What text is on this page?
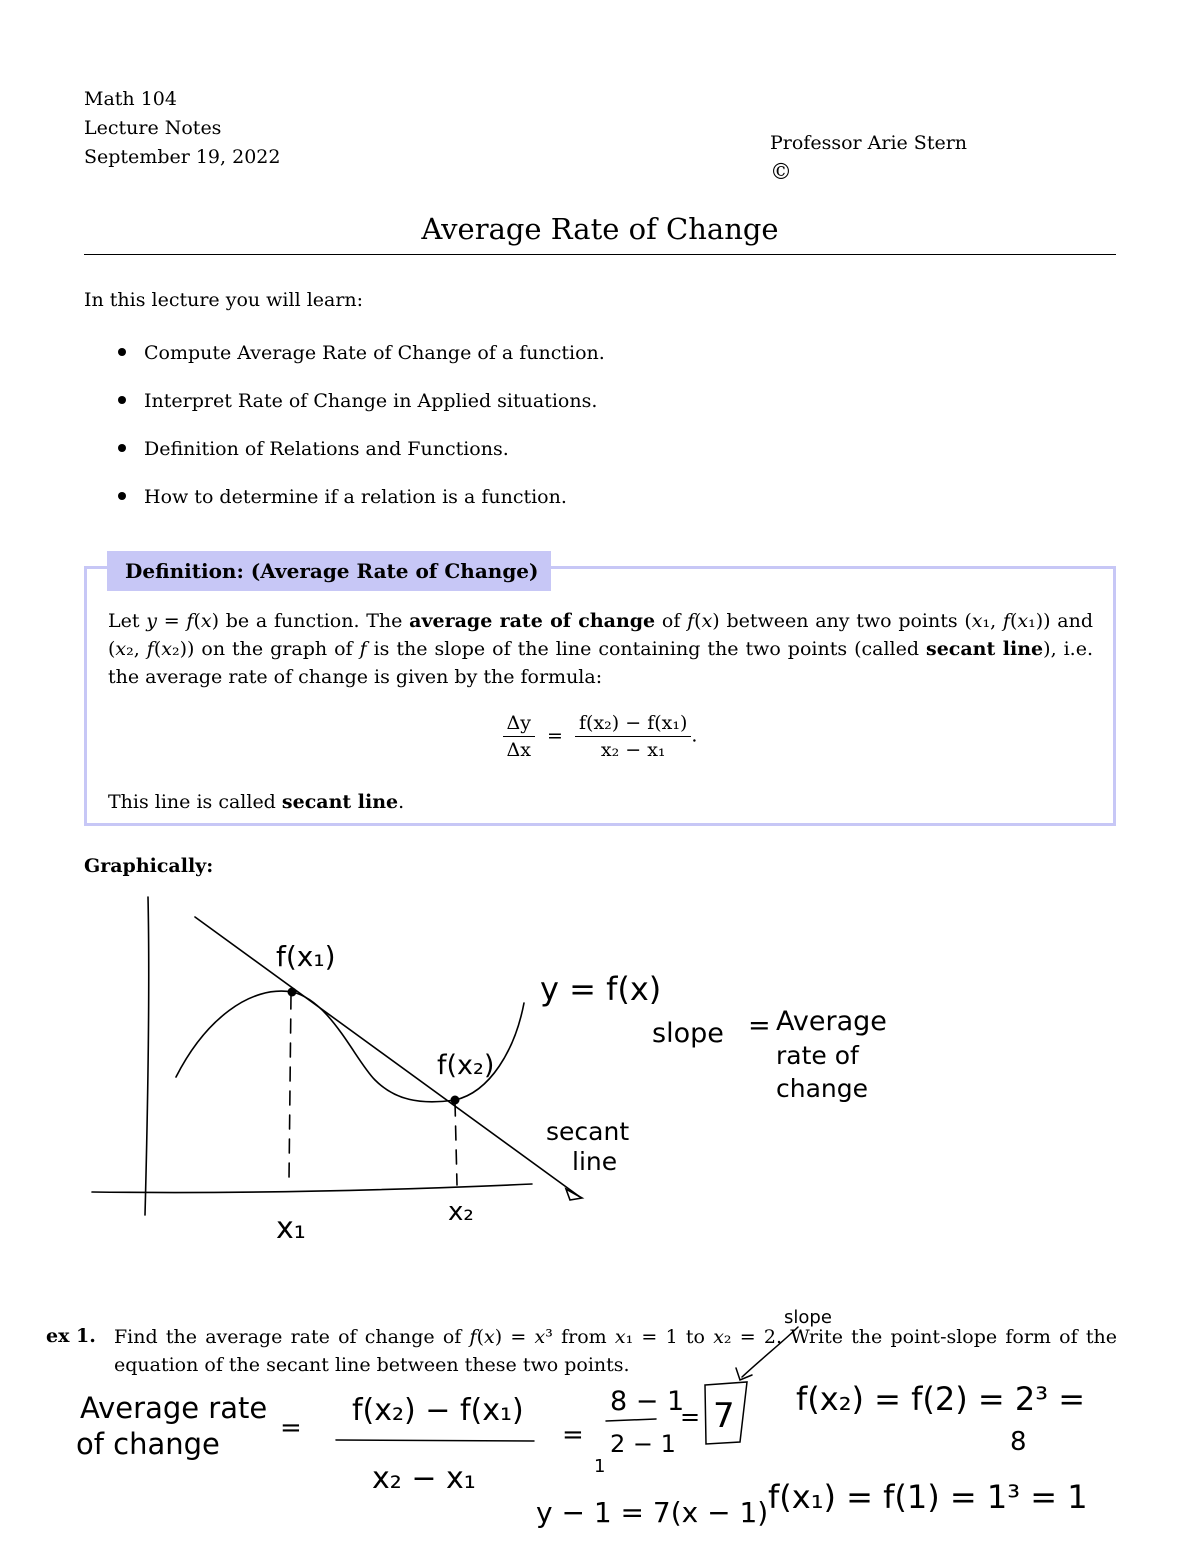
Math 104
Lecture Notes
September 19, 2022
Professor Arie Stern
©
Average Rate of Change
In this lecture you will learn:
Compute Average Rate of Change of a function.
Interpret Rate of Change in Applied situations.
Definition of Relations and Functions.
How to determine if a relation is a function.
Definition: (Average Rate of Change)
Let y = f(x) be a function. The average rate of change of f(x) between any two points (x₁, f(x₁)) and (x₂, f(x₂)) on the graph of f is the slope of the line containing the two points (called secant line), i.e. the average rate of change is given by the formula:
$\frac{\Delta y}{\Delta x} = \frac{\text{f(x₂) − f(x₁)}}{\text{x₂ − x₁}}$ .
This line is called secant line.
Graphically:
f(x₁)
f(x₂)
y = f(x)
secant
line
x₁	x₂
slope = Average
rate of
change
ex 1. Find the average rate of change of f(x) = x³ from x₁ = 1 to x₂ = 2. Write the point-slope form of the equation of the secant line between these two points.
slope
Average rate
of change = f(x₂) − f(x₁)
x₂ − x₁
=
8 − 1
2 − 1
1
= 7
y − 1 = 7(x − 1)
f(x₂) = f(2) = 2³ =
8
f(x₁) = f(1) = 1³ = 1
